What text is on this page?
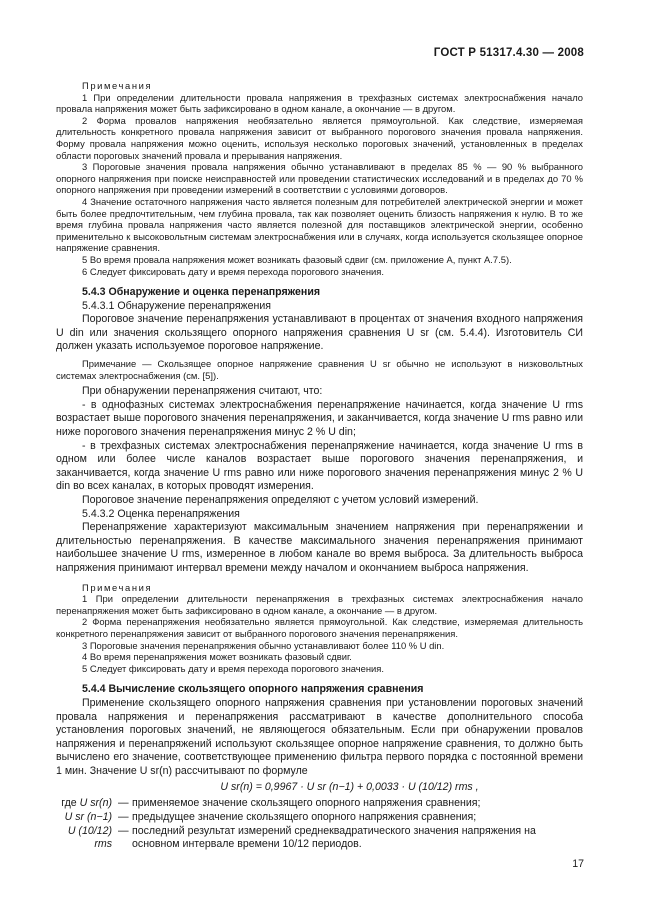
ГОСТ Р 51317.4.30 — 2008

Примечания

1 При определении длительности провала напряжения в трехфазных системах электроснабжения начало провала напряжения может быть зафиксировано в одном канале, а окончание — в другом.

2 Форма провалов напряжения необязательно является прямоугольной. Как следствие, измеряемая длительность конкретного провала напряжения зависит от выбранного порогового значения провала напряжения. Форму провала напряжения можно оценить, используя несколько пороговых значений, установленных в пределах области пороговых значений провала и прерывания напряжения.

3 Пороговые значения провала напряжения обычно устанавливают в пределах 85 % — 90 % выбранного опорного напряжения при поиске неисправностей или проведении статистических исследований и в пределах до 70 % опорного напряжения при проведении измерений в соответствии с условиями договоров.

4 Значение остаточного напряжения часто является полезным для потребителей электрической энергии и может быть более предпочтительным, чем глубина провала, так как позволяет оценить близость напряжения к нулю. В то же время глубина провала напряжения часто является полезной для поставщиков электрической энергии, особенно применительно к высоковольтным системам электроснабжения или в случаях, когда используется скользящее опорное напряжение сравнения.

5 Во время провала напряжения может возникать фазовый сдвиг (см. приложение А, пункт А.7.5).

6 Следует фиксировать дату и время перехода порогового значения.

5.4.3 Обнаружение и оценка перенапряжения
5.4.3.1 Обнаружение перенапряжения

Пороговое значение перенапряжения устанавливают в процентах от значения входного напряжения U din или значения скользящего опорного напряжения сравнения U sr (см. 5.4.4). Изготовитель СИ должен указать используемое пороговое напряжение.

Примечание — Скользящее опорное напряжение сравнения U sr обычно не используют в низковольтных системах электроснабжения (см. [5]).

При обнаружении перенапряжения считают, что:

- в однофазных системах электроснабжения перенапряжение начинается, когда значение U rms возрастает выше порогового значения перенапряжения, и заканчивается, когда значение U rms равно или ниже порогового значения перенапряжения минус 2 % U din;

- в трехфазных системах электроснабжения перенапряжение начинается, когда значение U rms в одном или более числе каналов возрастает выше порогового значения перенапряжения, и заканчивается, когда значение U rms равно или ниже порогового значения перенапряжения минус 2 % U din во всех каналах, в которых проводят измерения.

Пороговое значение перенапряжения определяют с учетом условий измерений.

5.4.3.2 Оценка перенапряжения

Перенапряжение характеризуют максимальным значением напряжения при перенапряжении и длительностью перенапряжения. В качестве максимального значения перенапряжения принимают наибольшее значение U rms, измеренное в любом канале во время выброса. За длительность выброса напряжения принимают интервал времени между началом и окончанием выброса напряжения.

Примечания

1 При определении длительности перенапряжения в трехфазных системах электроснабжения начало перенапряжения может быть зафиксировано в одном канале, а окончание — в другом.

2 Форма перенапряжения необязательно является прямоугольной. Как следствие, измеряемая длительность конкретного перенапряжения зависит от выбранного порогового значения перенапряжения.

3 Пороговые значения перенапряжения обычно устанавливают более 110 % U din.

4 Во время перенапряжения может возникать фазовый сдвиг.

5 Следует фиксировать дату и время перехода порогового значения.

5.4.4 Вычисление скользящего опорного напряжения сравнения

Применение скользящего опорного напряжения сравнения при установлении пороговых значений провала напряжения и перенапряжения рассматривают в качестве дополнительного способа установления пороговых значений, не являющегося обязательным. Если при обнаружении провалов напряжения и перенапряжений используют скользящее опорное напряжение сравнения, то должно быть вычислено его значение, соответствующее применению фильтра первого порядка с постоянной времени 1 мин. Значение U sr(n) рассчитывают по формуле

U sr(n) = 0,9967 · U sr (n−1) + 0,0033 · U (10/12) rms ,
где U sr(n) — применяемое значение скользящего опорного напряжения сравнения;
U sr (n−1) — предыдущее значение скользящего опорного напряжения сравнения;
U (10/12) rms
— последний результат измерений среднеквадратического значения напряжения на основном интервале времени 10/12 периодов.
17
